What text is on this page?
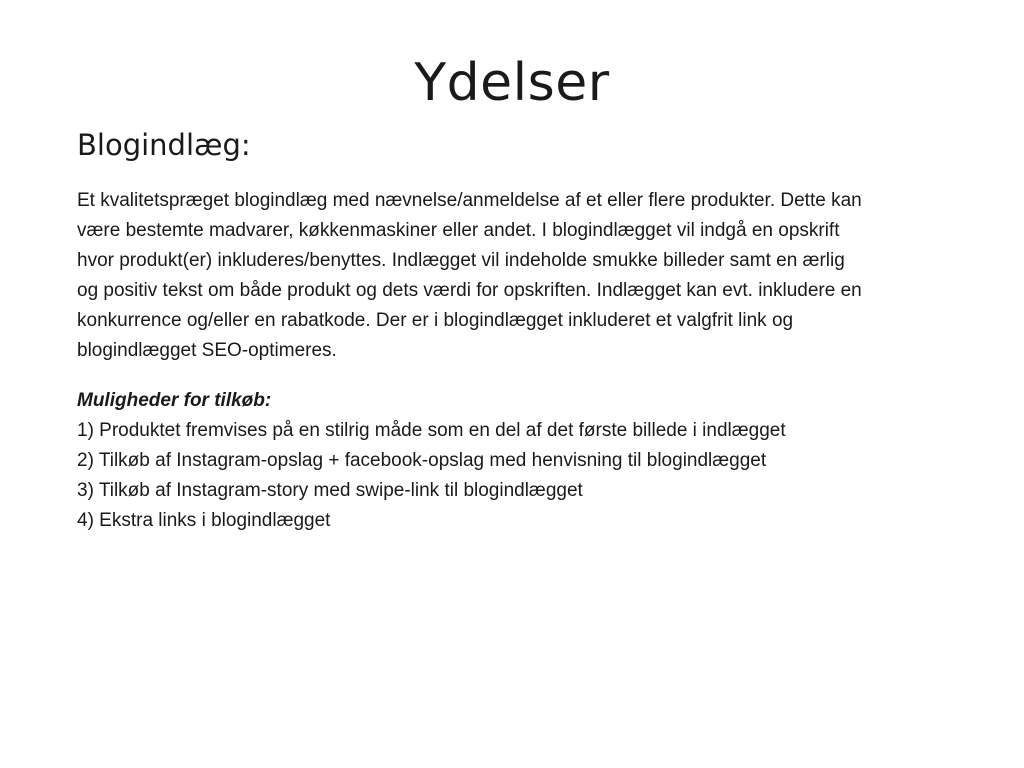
Ydelser
Blogindlæg:
Et kvalitetspræget blogindlæg med nævnelse/anmeldelse af et eller flere produkter. Dette kan
være bestemte madvarer, køkkenmaskiner eller andet. I blogindlægget vil indgå en opskrift
hvor produkt(er) inkluderes/benyttes. Indlægget vil indeholde smukke billeder samt en ærlig
og positiv tekst om både produkt og dets værdi for opskriften. Indlægget kan evt. inkludere en
konkurrence og/eller en rabatkode. Der er i blogindlægget inkluderet et valgfrit link og
blogindlægget SEO-optimeres.
Muligheder for tilkøb:
1) Produktet fremvises på en stilrig måde som en del af det første billede i indlægget
2) Tilkøb af Instagram-opslag + facebook-opslag med henvisning til blogindlægget
3) Tilkøb af Instagram-story med swipe-link til blogindlægget
4) Ekstra links i blogindlægget
